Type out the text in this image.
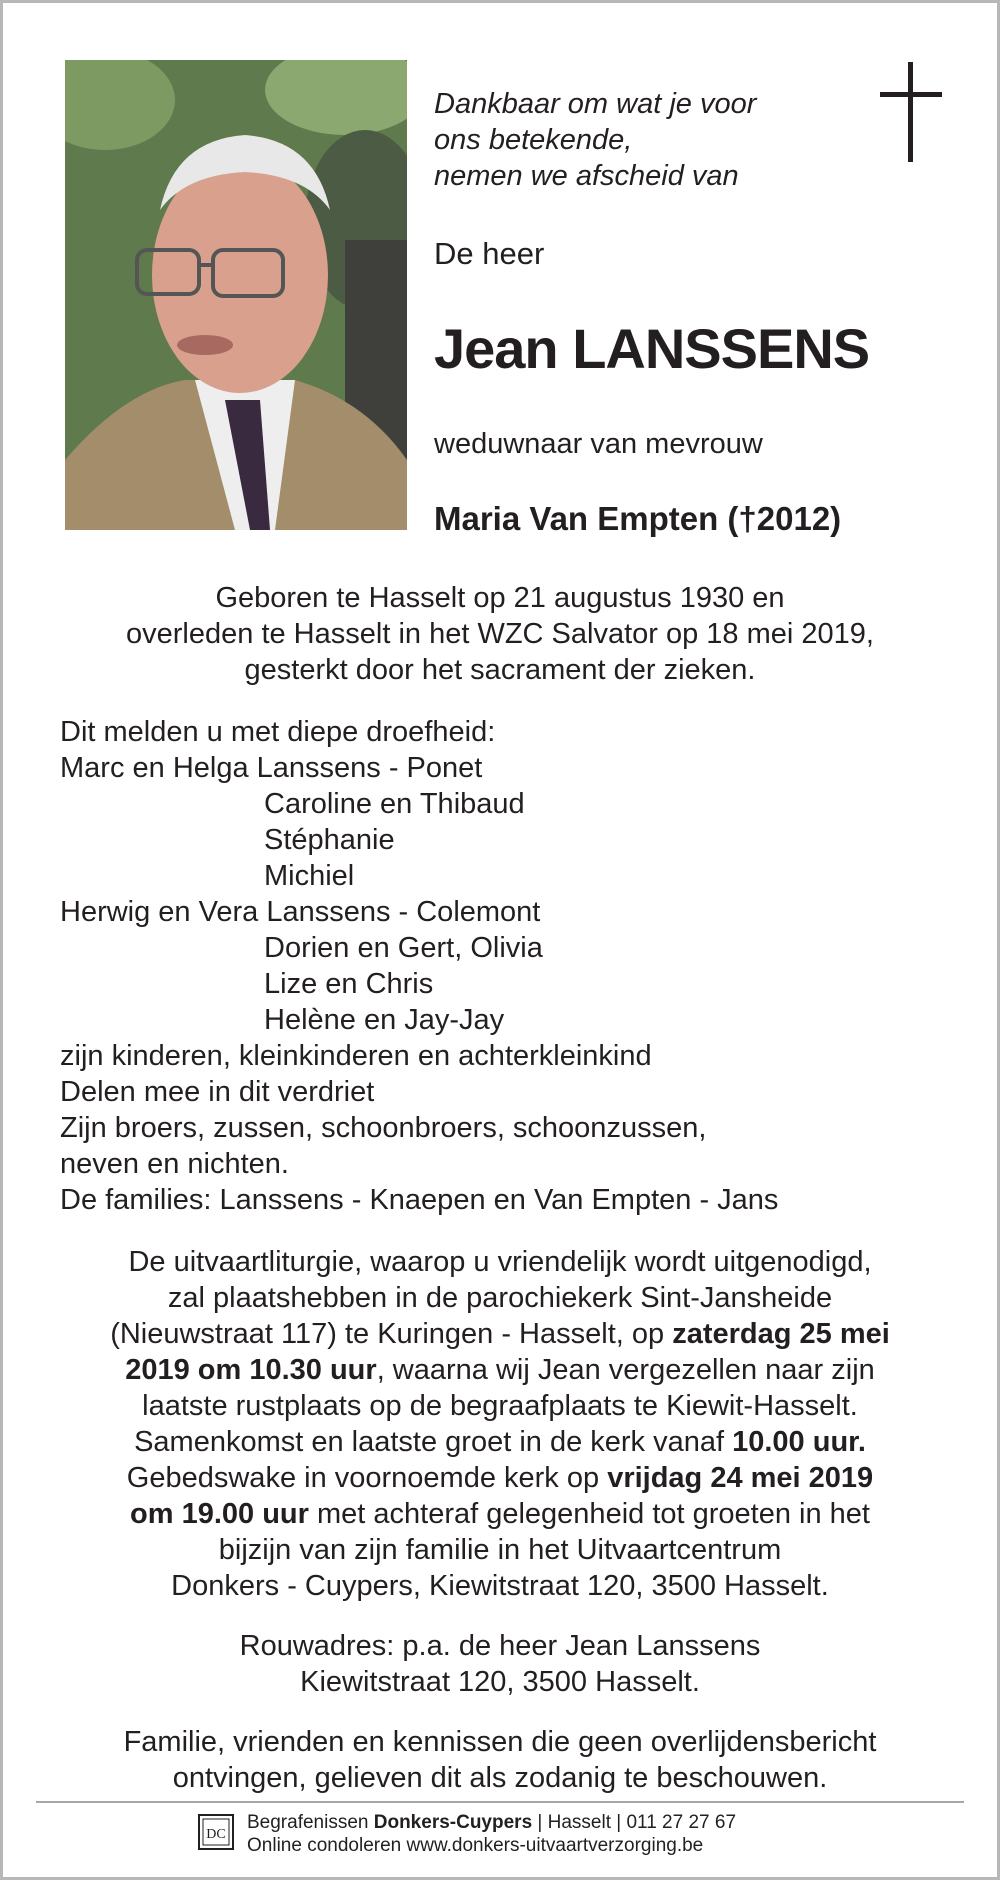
Dankbaar om wat je voor
ons betekende,
nemen we afscheid van
De heer
Jean LANSSENS
weduwnaar van mevrouw
Maria Van Empten (†2012)
Geboren te Hasselt op 21 augustus 1930 en
overleden te Hasselt in het WZC Salvator op 18 mei 2019,
gesterkt door het sacrament der zieken.
Dit melden u met diepe droefheid:
Marc en Helga Lanssens - Ponet
Caroline en Thibaud
Stéphanie
Michiel
Herwig en Vera Lanssens - Colemont
Dorien en Gert, Olivia
Lize en Chris
Helène en Jay-Jay
zijn kinderen, kleinkinderen en achterkleinkind
Delen mee in dit verdriet
Zijn broers, zussen, schoonbroers, schoonzussen,
neven en nichten.
De families: Lanssens - Knaepen en Van Empten - Jans
De uitvaartliturgie, waarop u vriendelijk wordt uitgenodigd,
zal plaatshebben in de parochiekerk Sint-Jansheide
(Nieuwstraat 117) te Kuringen - Hasselt, op zaterdag 25 mei
2019 om 10.30 uur, waarna wij Jean vergezellen naar zijn
laatste rustplaats op de begraafplaats te Kiewit-Hasselt.
Samenkomst en laatste groet in de kerk vanaf 10.00 uur.
Gebedswake in voornoemde kerk op vrijdag 24 mei 2019
om 19.00 uur met achteraf gelegenheid tot groeten in het
bijzijn van zijn familie in het Uitvaartcentrum
Donkers - Cuypers, Kiewitstraat 120, 3500 Hasselt.
Rouwadres: p.a. de heer Jean Lanssens
Kiewitstraat 120, 3500 Hasselt.
Familie, vrienden en kennissen die geen overlijdensbericht
ontvingen, gelieven dit als zodanig te beschouwen.
DC
Begrafenissen Donkers-Cuypers | Hasselt | 011 27 27 67
Online condoleren www.donkers-uitvaartverzorging.be
